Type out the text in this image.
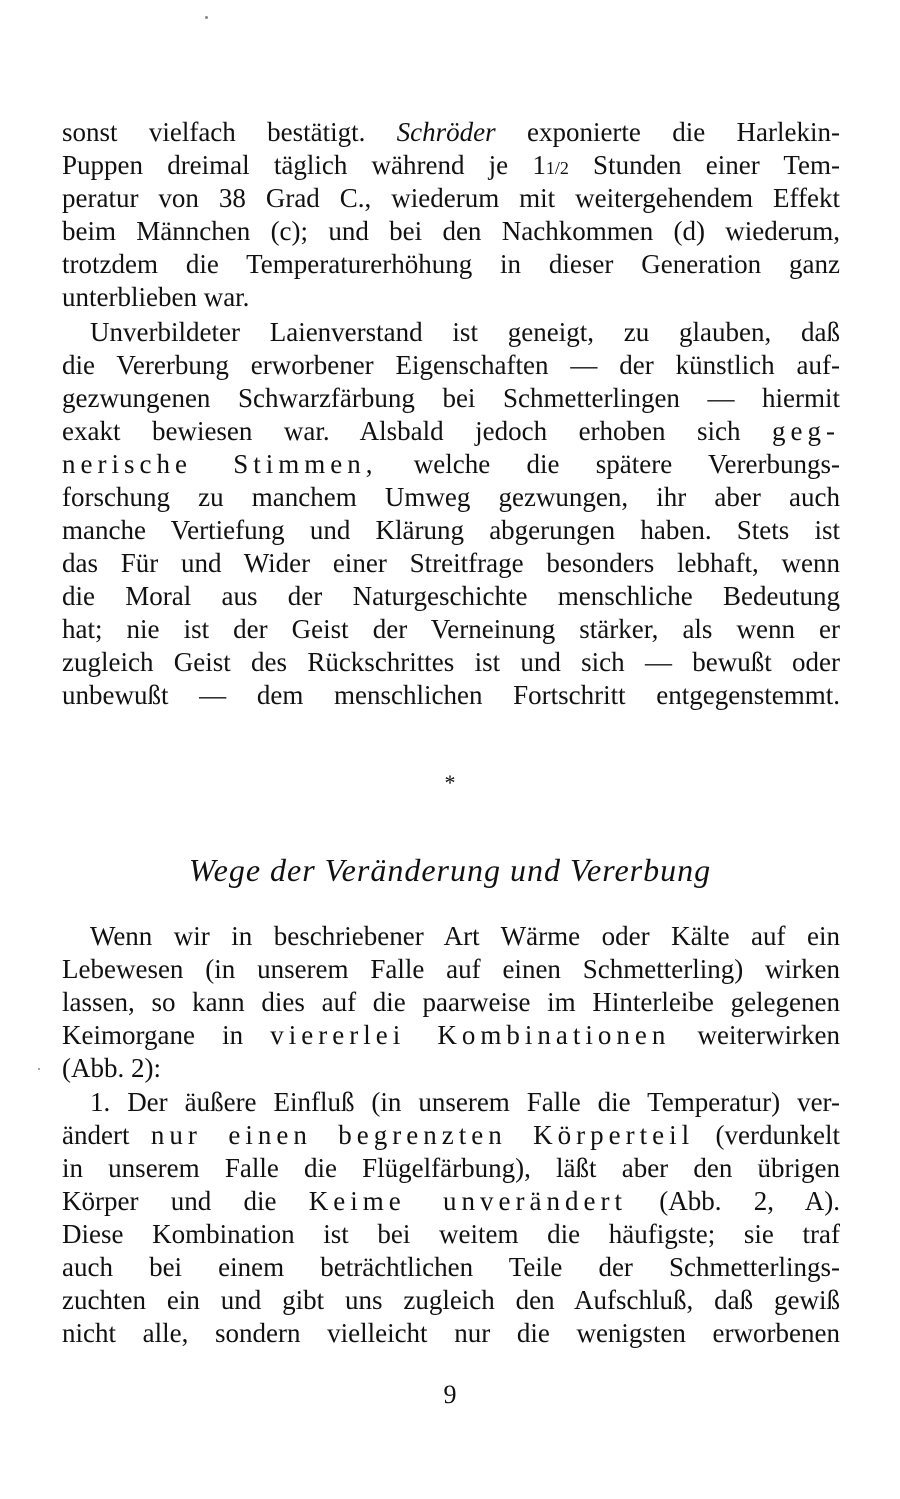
sonst vielfach bestätigt. Schröder exponierte die Harlekin-
Puppen dreimal täglich während je 11/2 Stunden einer Tem-
peratur von 38 Grad C., wiederum mit weitergehendem Effekt
beim Männchen (c); und bei den Nachkommen (d) wiederum,
trotzdem die Temperaturerhöhung in dieser Generation ganz
unterblieben war.
Unverbildeter Laienverstand ist geneigt, zu glauben, daß
die Vererbung erworbener Eigenschaften — der künstlich auf-
gezwungenen Schwarzfärbung bei Schmetterlingen — hiermit
exakt bewiesen war. Alsbald jedoch erhoben sich geg-
nerische Stimmen, welche die spätere Vererbungs-
forschung zu manchem Umweg gezwungen, ihr aber auch
manche Vertiefung und Klärung abgerungen haben. Stets ist
das Für und Wider einer Streitfrage besonders lebhaft, wenn
die Moral aus der Naturgeschichte menschliche Bedeutung
hat; nie ist der Geist der Verneinung stärker, als wenn er
zugleich Geist des Rückschrittes ist und sich — bewußt oder
unbewußt — dem menschlichen Fortschritt entgegenstemmt.
*
Wege der Veränderung und Vererbung
Wenn wir in beschriebener Art Wärme oder Kälte auf ein
Lebewesen (in unserem Falle auf einen Schmetterling) wirken
lassen, so kann dies auf die paarweise im Hinterleibe gelegenen
Keimorgane in viererlei Kombinationen weiterwirken
(Abb. 2):
1. Der äußere Einfluß (in unserem Falle die Temperatur) ver-
ändert nur einen begrenzten Körperteil (verdunkelt
in unserem Falle die Flügelfärbung), läßt aber den übrigen
Körper und die Keime unverändert (Abb. 2, A).
Diese Kombination ist bei weitem die häufigste; sie traf
auch bei einem beträchtlichen Teile der Schmetterlings-
zuchten ein und gibt uns zugleich den Aufschluß, daß gewiß
nicht alle, sondern vielleicht nur die wenigsten erworbenen
9
